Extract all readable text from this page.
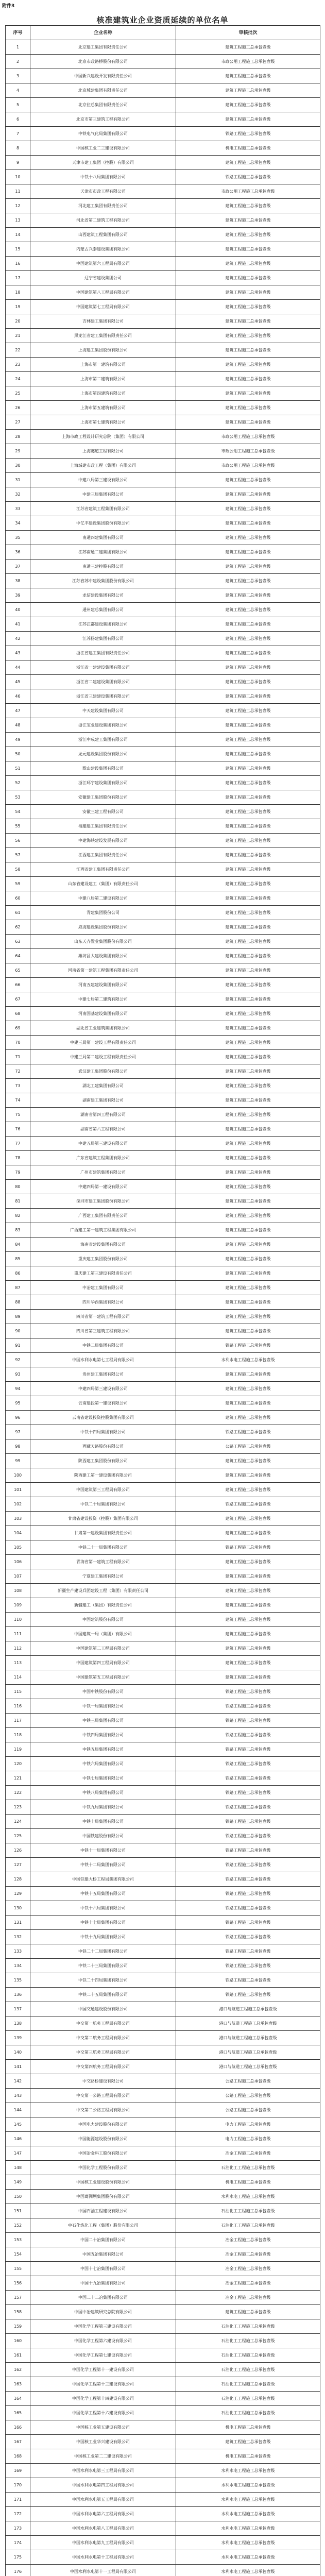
附件3
核准建筑业企业资质延续的单位名单
序号	企业名称	审核批次
1	北京建工集团有限责任公司	建筑工程施工总承包壹级
2	北京市政路桥股份有限公司	市政公用工程施工总承包壹级
3	中国新兴建设开发有限责任公司	建筑工程施工总承包壹级
4	北京城建集团有限责任公司	建筑工程施工总承包壹级
5	北京住总集团有限责任公司	建筑工程施工总承包壹级
6	北京市第三建筑工程有限公司	建筑工程施工总承包壹级
7	中铁电气化局集团有限公司	铁路工程施工总承包壹级
8	中国核工业二三建设有限公司	机电工程施工总承包壹级
9	天津市建工集团（控股）有限公司	建筑工程施工总承包壹级
10	中铁十八局集团有限公司	铁路工程施工总承包壹级
11	天津市市政工程有限公司	市政公用工程施工总承包壹级
12	河北建工集团有限责任公司	建筑工程施工总承包壹级
13	河北省第二建筑工程有限公司	建筑工程施工总承包壹级
14	山西建筑工程集团有限公司	建筑工程施工总承包壹级
15	内蒙古兴泰建设集团有限公司	建筑工程施工总承包壹级
16	中国建筑第六工程局有限公司	建筑工程施工总承包壹级
17	辽宁省建设集团公司	建筑工程施工总承包壹级
18	中国建筑第八工程局有限公司	建筑工程施工总承包壹级
19	中国建筑第七工程局有限公司	建筑工程施工总承包壹级
20	吉林建工集团有限公司	建筑工程施工总承包壹级
21	黑龙江省建工集团有限责任公司	建筑工程施工总承包壹级
22	上海建工集团股份有限公司	建筑工程施工总承包壹级
23	上海市第一建筑有限公司	建筑工程施工总承包壹级
24	上海市第二建筑有限公司	建筑工程施工总承包壹级
25	上海市第四建筑有限公司	建筑工程施工总承包壹级
26	上海市第五建筑有限公司	建筑工程施工总承包壹级
27	上海市第七建筑有限公司	建筑工程施工总承包壹级
28	上海市政工程设计研究总院（集团）有限公司	市政公用工程施工总承包壹级
29	上海隧道工程有限公司	市政公用工程施工总承包壹级
30	上海城建市政工程（集团）有限公司	市政公用工程施工总承包壹级
31	中建八局第三建设有限公司	建筑工程施工总承包壹级
32	中建三局集团有限公司	建筑工程施工总承包壹级
33	江苏省建筑工程集团有限公司	建筑工程施工总承包壹级
34	中亿丰建设集团股份有限公司	建筑工程施工总承包壹级
35	南通四建集团有限公司	建筑工程施工总承包壹级
36	江苏南通二建集团有限公司	建筑工程施工总承包壹级
37	南通三建控股有限公司	建筑工程施工总承包壹级
38	江苏省苏中建设集团股份有限公司	建筑工程施工总承包壹级
39	龙信建设集团有限公司	建筑工程施工总承包壹级
40	通州建总集团有限公司	建筑工程施工总承包壹级
41	江苏江都建设集团有限公司	建筑工程施工总承包壹级
42	江苏扬建集团有限公司	建筑工程施工总承包壹级
43	浙江省建工集团有限责任公司	建筑工程施工总承包壹级
44	浙江省一建建设集团有限公司	建筑工程施工总承包壹级
45	浙江省二建建设集团有限公司	建筑工程施工总承包壹级
46	浙江省三建建设集团有限公司	建筑工程施工总承包壹级
47	中天建设集团有限公司	建筑工程施工总承包壹级
48	浙江宝业建设集团有限公司	建筑工程施工总承包壹级
49	浙江中成建工集团有限公司	建筑工程施工总承包壹级
50	龙元建设集团股份有限公司	建筑工程施工总承包壹级
51	歌山建设集团有限公司	建筑工程施工总承包壹级
52	浙江环宇建设集团有限公司	建筑工程施工总承包壹级
53	安徽建工集团股份有限公司	建筑工程施工总承包壹级
54	安徽三建工程有限公司	建筑工程施工总承包壹级
55	福建建工集团有限责任公司	建筑工程施工总承包壹级
56	中建海峡建设发展有限公司	建筑工程施工总承包壹级
57	江西建工集团有限责任公司	建筑工程施工总承包壹级
58	江西省建工集团有限责任公司	建筑工程施工总承包壹级
59	山东省建设建工（集团）有限责任公司	建筑工程施工总承包壹级
60	中建八局第二建设有限公司	建筑工程施工总承包壹级
61	青建集团股份公司	建筑工程施工总承包壹级
62	威海建设集团股份有限公司	建筑工程施工总承包壹级
63	山东天齐置业集团股份有限公司	建筑工程施工总承包壹级
64	潍坊昌大建设集团有限公司	建筑工程施工总承包壹级
65	河南省第一建筑工程集团有限责任公司	建筑工程施工总承包壹级
66	河南五建建设集团有限公司	建筑工程施工总承包壹级
67	中建七局第二建筑有限公司	建筑工程施工总承包壹级
68	河南国基建设集团有限公司	建筑工程施工总承包壹级
69	湖北省工业建筑集团有限公司	建筑工程施工总承包壹级
70	中建三局第一建设工程有限责任公司	建筑工程施工总承包壹级
71	中建三局第二建设工程有限责任公司	建筑工程施工总承包壹级
72	武汉建工集团股份有限公司	建筑工程施工总承包壹级
73	湖北工建集团有限公司	建筑工程施工总承包壹级
74	湖南建工集团有限公司	建筑工程施工总承包壹级
75	湖南省第四工程有限公司	建筑工程施工总承包壹级
76	湖南省第六工程有限公司	建筑工程施工总承包壹级
77	中建五局第三建设有限公司	建筑工程施工总承包壹级
78	广东省建筑工程集团有限公司	建筑工程施工总承包壹级
79	广州市建筑集团有限公司	建筑工程施工总承包壹级
80	中建四局第一建设有限公司	建筑工程施工总承包壹级
81	深圳市建工集团股份有限公司	建筑工程施工总承包壹级
82	广西建工集团有限责任公司	建筑工程施工总承包壹级
83	广西建工第一建筑工程集团有限公司	建筑工程施工总承包壹级
84	海南省建设集团有限公司	建筑工程施工总承包壹级
85	重庆建工集团股份有限公司	建筑工程施工总承包壹级
86	重庆建工第三建设有限责任公司	建筑工程施工总承包壹级
87	中冶建工集团有限公司	建筑工程施工总承包壹级
88	四川华西集团有限公司	建筑工程施工总承包壹级
89	四川省第一建筑工程有限公司	建筑工程施工总承包壹级
90	四川省第三建筑工程有限公司	建筑工程施工总承包壹级
91	中铁二局集团有限公司	铁路工程施工总承包壹级
92	中国水利水电第七工程局有限公司	水利水电工程施工总承包壹级
93	贵州建工集团有限公司	建筑工程施工总承包壹级
94	中建四局第三建设有限公司	建筑工程施工总承包壹级
95	云南建投第一建设有限公司	建筑工程施工总承包壹级
96	云南省建设投资控股集团有限公司	建筑工程施工总承包壹级
97	中铁十四局集团有限公司	铁路工程施工总承包壹级
98	西藏天路股份有限公司	公路工程施工总承包壹级
99	陕西建工集团股份有限公司	建筑工程施工总承包壹级
100	陕西建工第一建设集团有限公司	建筑工程施工总承包壹级
101	中国建筑第三工程局有限公司	建筑工程施工总承包壹级
102	中铁二十局集团有限公司	铁路工程施工总承包壹级
103	甘肃省建设投资（控股）集团有限公司	建筑工程施工总承包壹级
104	甘肃第一建设集团有限责任公司	建筑工程施工总承包壹级
105	中铁二十一局集团有限公司	铁路工程施工总承包壹级
106	青海省第一建筑工程有限公司	建筑工程施工总承包壹级
107	宁夏建工集团有限公司	建筑工程施工总承包壹级
108	新疆生产建设兵团建设工程（集团）有限责任公司	建筑工程施工总承包壹级
109	新疆建工（集团）有限责任公司	建筑工程施工总承包壹级
110	中国建筑股份有限公司	建筑工程施工总承包壹级
111	中国建筑一局（集团）有限公司	建筑工程施工总承包壹级
112	中国建筑第二工程局有限公司	建筑工程施工总承包壹级
113	中国建筑第四工程局有限公司	建筑工程施工总承包壹级
114	中国建筑第五工程局有限公司	建筑工程施工总承包壹级
115	中国中铁股份有限公司	铁路工程施工总承包壹级
116	中铁一局集团有限公司	铁路工程施工总承包壹级
117	中铁三局集团有限公司	铁路工程施工总承包壹级
118	中铁四局集团有限公司	铁路工程施工总承包壹级
119	中铁五局集团有限公司	铁路工程施工总承包壹级
120	中铁六局集团有限公司	铁路工程施工总承包壹级
121	中铁七局集团有限公司	铁路工程施工总承包壹级
122	中铁八局集团有限公司	铁路工程施工总承包壹级
123	中铁九局集团有限公司	铁路工程施工总承包壹级
124	中铁十局集团有限公司	铁路工程施工总承包壹级
125	中国铁建股份有限公司	铁路工程施工总承包壹级
126	中铁十一局集团有限公司	铁路工程施工总承包壹级
127	中铁十二局集团有限公司	铁路工程施工总承包壹级
128	中国铁建大桥工程局集团有限公司	铁路工程施工总承包壹级
129	中铁十五局集团有限公司	铁路工程施工总承包壹级
130	中铁十六局集团有限公司	铁路工程施工总承包壹级
131	中铁十七局集团有限公司	铁路工程施工总承包壹级
132	中铁十九局集团有限公司	铁路工程施工总承包壹级
133	中铁二十二局集团有限公司	铁路工程施工总承包壹级
134	中铁二十三局集团有限公司	铁路工程施工总承包壹级
135	中铁二十四局集团有限公司	铁路工程施工总承包壹级
136	中铁二十五局集团有限公司	铁路工程施工总承包壹级
137	中国交通建设股份有限公司	港口与航道工程施工总承包壹级
138	中交第一航务工程局有限公司	港口与航道工程施工总承包壹级
139	中交第二航务工程局有限公司	港口与航道工程施工总承包壹级
140	中交第三航务工程局有限公司	港口与航道工程施工总承包壹级
141	中交第四航务工程局有限公司	港口与航道工程施工总承包壹级
142	中交路桥建设有限公司	公路工程施工总承包壹级
143	中交第一公路工程局有限公司	公路工程施工总承包壹级
144	中交第二公路工程局有限公司	公路工程施工总承包壹级
145	中国电力建设股份有限公司	电力工程施工总承包壹级
146	中国能源建设股份有限公司	电力工程施工总承包壹级
147	中国冶金科工股份有限公司	冶金工程施工总承包壹级
148	中国化学工程股份有限公司	石油化工工程施工总承包壹级
149	中国核工业建设股份有限公司	机电工程施工总承包壹级
150	中国葛洲坝集团股份有限公司	水利水电工程施工总承包壹级
151	中国石油工程建设有限公司	石油化工工程施工总承包壹级
152	中石化炼化工程（集团）股份有限公司	石油化工工程施工总承包壹级
153	中国二十冶集团有限公司	冶金工程施工总承包壹级
154	中国五冶集团有限公司	冶金工程施工总承包壹级
155	中国十七冶集团有限公司	冶金工程施工总承包壹级
156	中国十九冶集团有限公司	冶金工程施工总承包壹级
157	中国二十二冶集团有限公司	冶金工程施工总承包壹级
158	中国中冶建筑研究总院有限公司	建筑工程施工总承包壹级
159	中国化学工程第三建设有限公司	石油化工工程施工总承包壹级
160	中国化学工程第六建设有限公司	石油化工工程施工总承包壹级
161	中国化学工程第七建设有限公司	石油化工工程施工总承包壹级
162	中国化学工程第十一建设有限公司	石油化工工程施工总承包壹级
163	中国化学工程第十三建设有限公司	石油化工工程施工总承包壹级
164	中国化学工程第十四建设有限公司	石油化工工程施工总承包壹级
165	中国化学工程第十六建设有限公司	石油化工工程施工总承包壹级
166	中国核工业第五建设有限公司	机电工程施工总承包壹级
167	中国核工业华兴建设有限公司	建筑工程施工总承包壹级
168	中国核工业第二二建设有限公司	机电工程施工总承包壹级
169	中国水利水电第三工程局有限公司	水利水电工程施工总承包壹级
170	中国水利水电第四工程局有限公司	水利水电工程施工总承包壹级
171	中国水利水电第五工程局有限公司	水利水电工程施工总承包壹级
172	中国水利水电第六工程局有限公司	水利水电工程施工总承包壹级
173	中国水利水电第八工程局有限公司	水利水电工程施工总承包壹级
174	中国水利水电第九工程局有限公司	水利水电工程施工总承包壹级
175	中国水利水电第十工程局有限公司	水利水电工程施工总承包壹级
176	中国水利水电第十一工程局有限公司	水利水电工程施工总承包壹级
